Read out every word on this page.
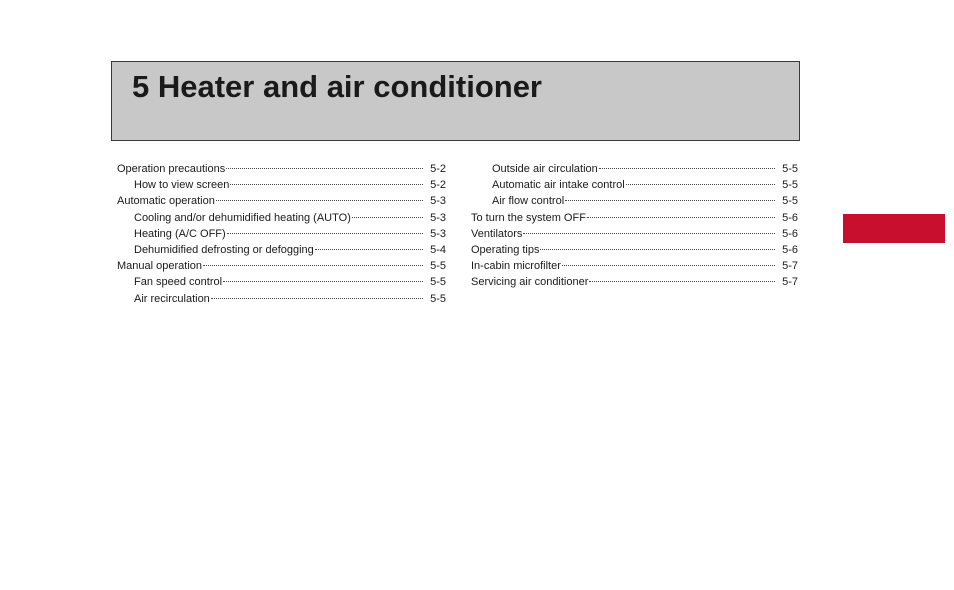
5 Heater and air conditioner
Operation precautions	5-2
How to view screen	5-2
Automatic operation	5-3
Cooling and/or dehumidified heating (AUTO)	5-3
Heating (A/C OFF)	5-3
Dehumidified defrosting or defogging	5-4
Manual operation	5-5
Fan speed control	5-5
Air recirculation	5-5
Outside air circulation	5-5
Automatic air intake control	5-5
Air flow control	5-5
To turn the system OFF	5-6
Ventilators	5-6
Operating tips	5-6
In-cabin microfilter	5-7
Servicing air conditioner	5-7
